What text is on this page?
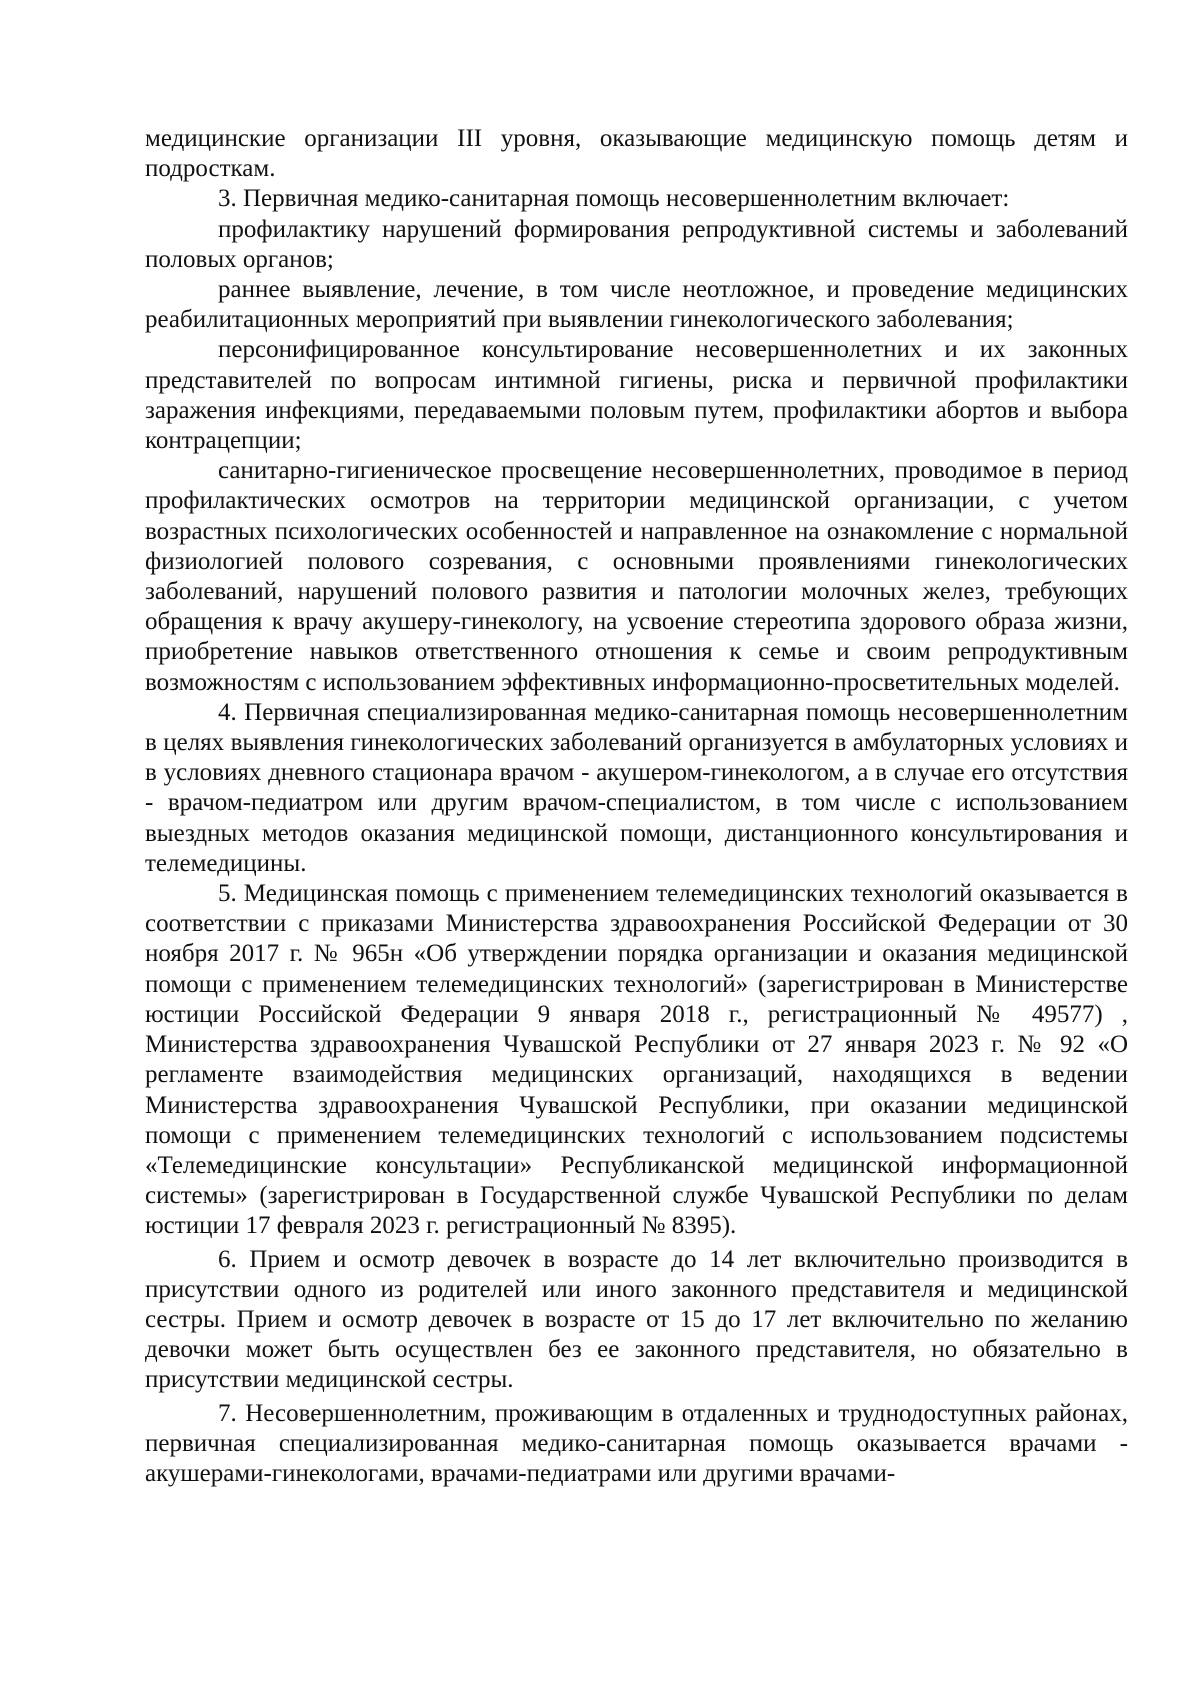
медицинские организации III уровня, оказывающие медицинскую помощь детям и подросткам.

3. Первичная медико-санитарная помощь несовершеннолетним включает:

профилактику нарушений формирования репродуктивной системы и заболеваний половых органов;

раннее выявление, лечение, в том числе неотложное, и проведение медицинских реабилитационных мероприятий при выявлении гинекологического заболевания;

персонифицированное консультирование несовершеннолетних и их законных представителей по вопросам интимной гигиены, риска и первичной профилактики заражения инфекциями, передаваемыми половым путем, профилактики абортов и выбора контрацепции;

санитарно-гигиеническое просвещение несовершеннолетних, проводимое в период профилактических осмотров на территории медицинской организации, с учетом возрастных психологических особенностей и направленное на ознакомление с нормальной физиологией полового созревания, с основными проявлениями гинекологических заболеваний, нарушений полового развития и патологии молочных желез, требующих обращения к врачу акушеру-гинекологу, на усвоение стереотипа здорового образа жизни, приобретение навыков ответственного отношения к семье и своим репродуктивным возможностям с использованием эффективных информационно-просветительных моделей.

4. Первичная специализированная медико-санитарная помощь несовершеннолетним в целях выявления гинекологических заболеваний организуется в амбулаторных условиях и в условиях дневного стационара врачом - акушером-гинекологом, а в случае его отсутствия - врачом-педиатром или другим врачом-специалистом, в том числе с использованием выездных методов оказания медицинской помощи, дистанционного консультирования и телемедицины.

5. Медицинская помощь с применением телемедицинских технологий оказывается в соответствии с приказами Министерства здравоохранения Российской Федерации от 30 ноября 2017 г. № 965н «Об утверждении порядка организации и оказания медицинской помощи с применением телемедицинских технологий» (зарегистрирован в Министерстве юстиции Российской Федерации 9 января 2018 г., регистрационный № 49577) , Министерства здравоохранения Чувашской Республики от 27 января 2023 г. № 92 «О регламенте взаимодействия медицинских организаций, находящихся в ведении Министерства здравоохранения Чувашской Республики, при оказании медицинской помощи с применением телемедицинских технологий с использованием подсистемы «Телемедицинские консультации» Республиканской медицинской информационной системы» (зарегистрирован в Государственной службе Чувашской Республики по делам юстиции 17 февраля 2023 г. регистрационный № 8395).

6. Прием и осмотр девочек в возрасте до 14 лет включительно производится в присутствии одного из родителей или иного законного представителя и медицинской сестры. Прием и осмотр девочек в возрасте от 15 до 17 лет включительно по желанию девочки может быть осуществлен без ее законного представителя, но обязательно в присутствии медицинской сестры.

7. Несовершеннолетним, проживающим в отдаленных и труднодоступных районах, первичная специализированная медико-санитарная помощь оказывается врачами - акушерами-гинекологами, врачами-педиатрами или другими врачами-
